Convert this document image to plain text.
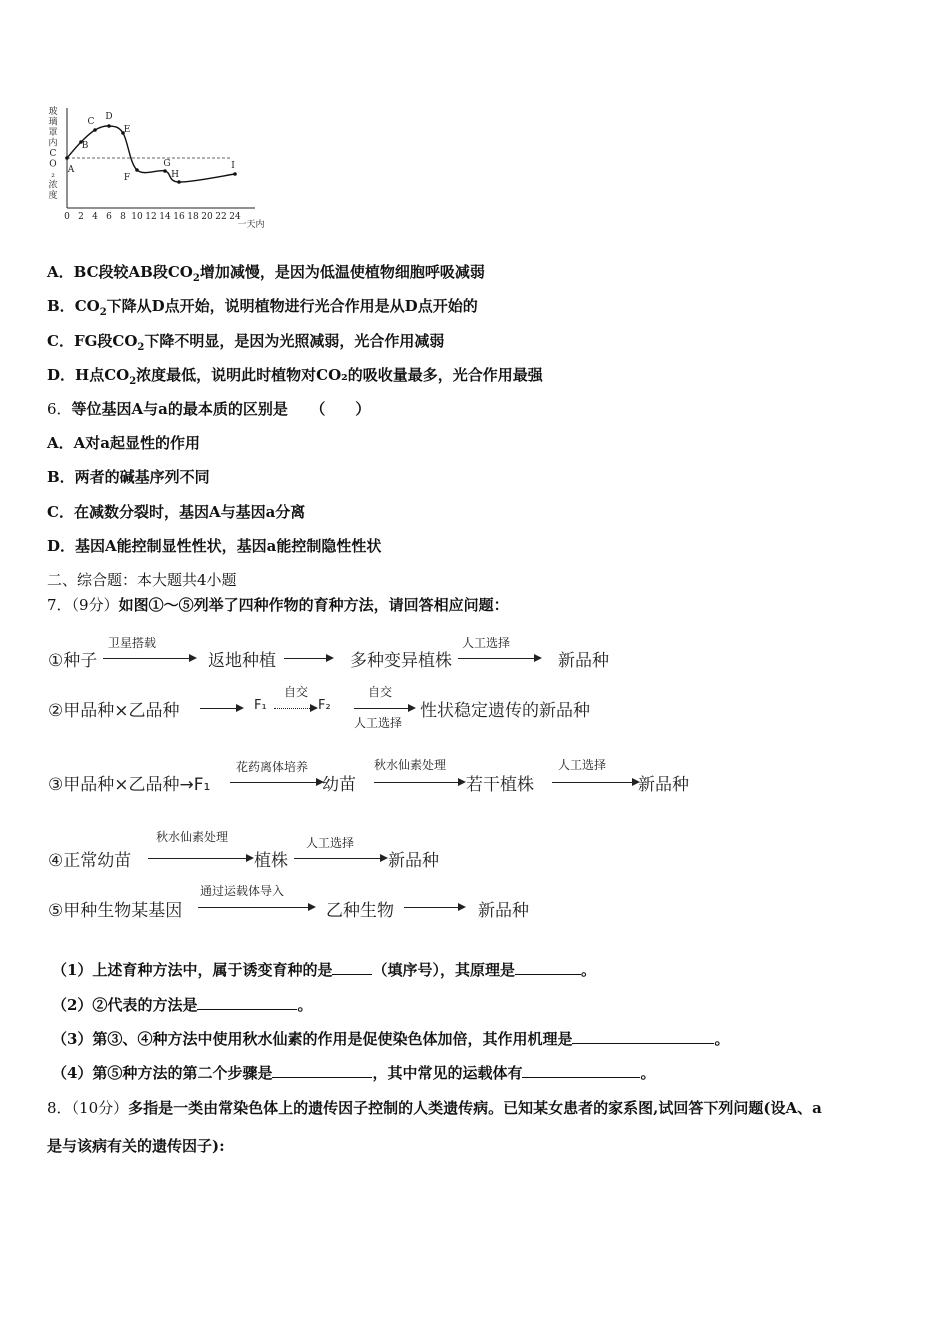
玻璃罩内 C O ₂ 浓度
0 2 4 6 8 10 12 14 16 18 20 22 24
A
B
C D
E
F
G
H
I
一天内
A．BC段较AB段$CO_2$增加减慢，是因为低温使植物细胞呼吸减弱
B．$CO_2$下降从D点开始，说明植物进行光合作用是从D点开始的
C．FG段$CO_2$下降不明显，是因为光照减弱，光合作用减弱
D．H点$CO_2$浓度最低，说明此时植物对CO₂的吸收量最多，光合作用最强
6．等位基因A与a的最本质的区别是　　（　　）
A．A对a起显性的作用
B．两者的碱基序列不同
C．在减数分裂时，基因A与基因a分离
D．基因A能控制显性性状，基因a能控制隐性性状
二、综合题：本大题共4小题
7．（9分）如图①～⑤列举了四种作物的育种方法，请回答相应问题：
①种子
卫星搭载
返地种植	多种变异植株
人工选择
新品种
②甲品种×乙品种	F₁
自交
F₂
自交
人工选择
性状稳定遗传的新品种
③甲品种×乙品种→F₁
花药离体培养
幼苗
秋水仙素处理
若干植株
人工选择
新品种
④正常幼苗
秋水仙素处理
植株
人工选择
新品种
⑤甲种生物某基因
通过运载体导入
乙种生物	新品种
（1）上述育种方法中，属于诱变育种的是	（填序号），其原理是	。
（2）②代表的方法是	。
（3）第③、④种方法中使用秋水仙素的作用是促使染色体加倍，其作用机理是	。
（4）第⑤种方法的第二个步骤是	，其中常见的运载体有	。
8．（10分）多指是一类由常染色体上的遗传因子控制的人类遗传病。已知某女患者的家系图,试回答下列问题(设A、a
是与该病有关的遗传因子):
